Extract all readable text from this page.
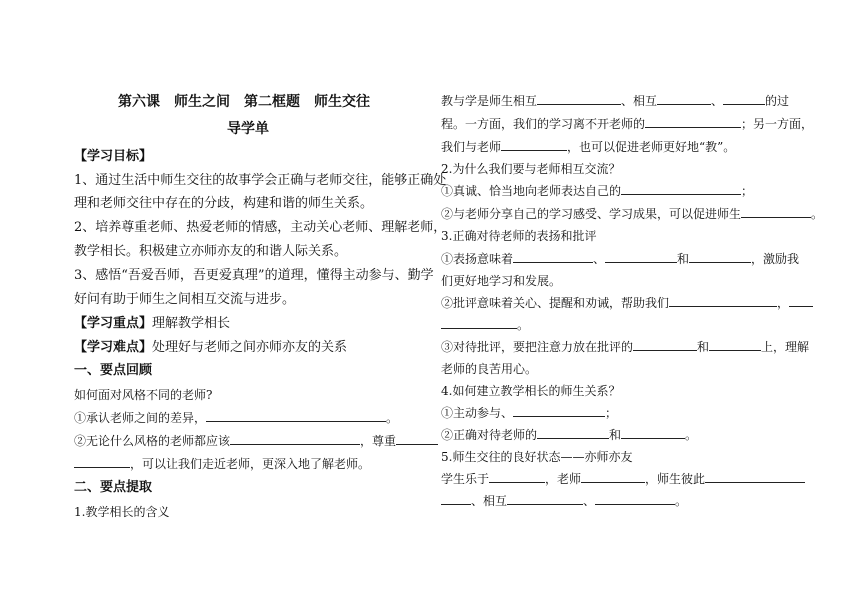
第六课　师生之间　第二框题　师生交往
导学单
【学习目标】
1、通过生活中师生交往的故事学会正确与老师交往，能够正确处
理和老师交往中存在的分歧，构建和谐的师生关系。
2、培养尊重老师、热爱老师的情感，主动关心老师、理解老师，
教学相长。积极建立亦师亦友的和谐人际关系。
3、感悟“吾爱吾师，吾更爱真理”的道理，懂得主动参与、勤学
好问有助于师生之间相互交流与进步。
【学习重点】理解教学相长
【学习难点】处理好与老师之间亦师亦友的关系
一、要点回顾
如何面对风格不同的老师?
①承认老师之间的差异，	。
②无论什么风格的老师都应该	，尊重
，可以让我们走近老师，更深入地了解老师。
二、要点提取
1.教学相长的含义
教与学是师生相互	、相互	、	的过
程。一方面，我们的学习离不开老师的	；另一方面，
我们与老师	，也可以促进老师更好地“教”。
2.为什么我们要与老师相互交流？
①真诚、恰当地向老师表达自己的	；
②与老师分享自己的学习感受、学习成果，可以促进师生	。
3.正确对待老师的表扬和批评
①表扬意味着	、	和	，激励我
们更好地学习和发展。
②批评意味着关心、提醒和劝诫，帮助我们	，
。
③对待批评，要把注意力放在批评的	和	上，理解
老师的良苦用心。
4.如何建立教学相长的师生关系？
①主动参与、	；
②正确对待老师的	和	。
5.师生交往的良好状态——亦师亦友
学生乐于	，老师	，师生彼此
、相互	、	。
